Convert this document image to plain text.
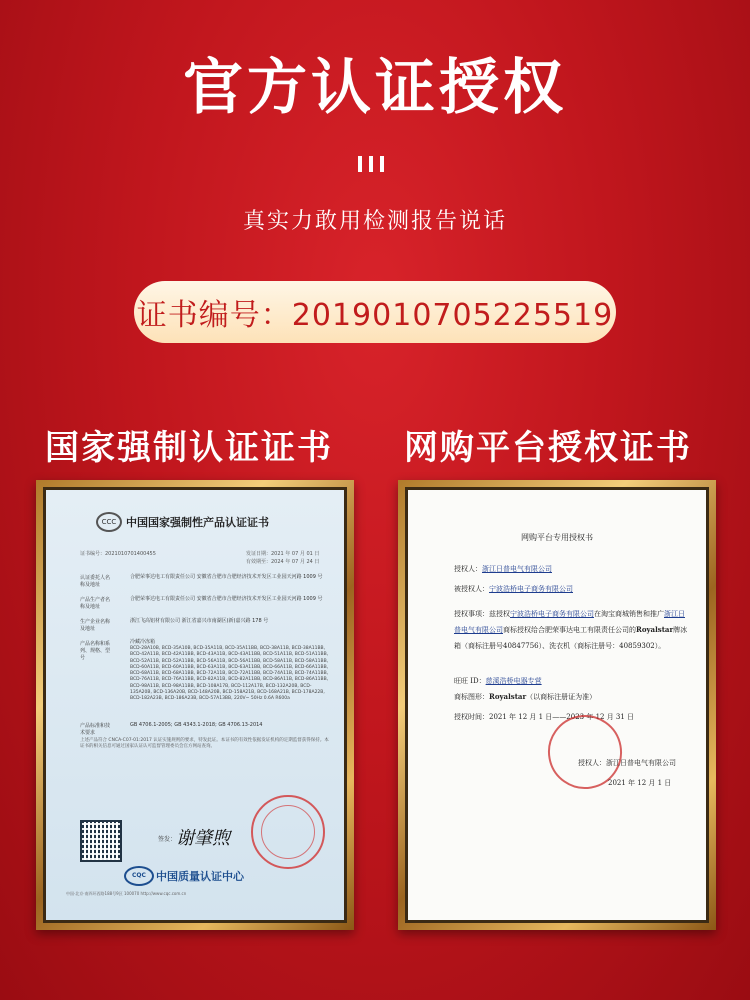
官方认证授权
真实力敢用检测报告说话
证书编号：2019010705225519
国家强制认证证书 网购平台授权证书
CCC 中国国家强制性产品认证证书
证书编号：2021010701400455	发证日期：2021 年 07 月 01 日
有效期至：2024 年 07 月 24 日
认证委托人名称及地址
合肥荣事达电工有限责任公司 安徽省合肥市合肥经济技术开发区工业园天河路 1009 号
产品生产者名称及地址
合肥荣事达电工有限责任公司 安徽省合肥市合肥经济技术开发区工业园天河路 1009 号
生产企业名称及地址
浙江飞高铝材有限公司 浙江省嘉兴市南湖区(新)嘉兴路 178 号
产品名称和系列、规格、型号
冷藏冷冻箱
BCD-28A10B, BCD-35A10B, BCD-35A11B, BCD-35A11BB, BCD-38A11B, BCD-38A11BB, BCD-42A11B, BCD-42A11BB, BCD-43A11B, BCD-43A11BB, BCD-51A11B, BCD-51A11BB, BCD-52A11B, BCD-52A11BB, BCD-56A11B, BCD-56A11BB, BCD-58A11B, BCD-58A11BB, BCD-60A11B, BCD-60A11BB, BCD-63A11B, BCD-63A11BB, BCD-66A11B, BCD-66A11BB, BCD-68A11B, BCD-68A11BB, BCD-72A11B, BCD-72A11BB, BCD-74A11B, BCD-74A11BB, BCD-76A11B, BCD-76A11BB, BCD-82A11B, BCD-82A11BB, BCD-86A11B, BCD-86A11BB, BCD-98A11B, BCD-98A11BB, BCD-108A17B, BCD-112A17B, BCD-132A20B, BCD-135A20B, BCD-136A20B, BCD-148A20B, BCD-158A21B, BCD-168A21B, BCD-178A22B, BCD-182A23B, BCD-186A23B, BCD-57A13BB, 220V~ 50Hz 0.6A R600a
产品标准和技术要求
GB 4706.1-2005; GB 4343.1-2018; GB 4706.13-2014
上述产品符合 CNCA-C07-01:2017 认证实施规则的要求，特发此证。本证书的有效性依据发证机构的定期监督获得保持。本证书的相关信息可通过国家认证认可监督管理委员会官方网站查询。
签发： 谢肇煦
CQC 中国质量认证中心
中国·北京·南四环西路188号9区 100070 http://www.cqc.com.cn
网购平台专用授权书
授权人：浙江日普电气有限公司
被授权人：宁波浩桥电子商务有限公司
授权事项：兹授权宁波浩桥电子商务有限公司在淘宝商城销售和推广浙江日普电气有限公司商标授权给合肥荣事达电工有限责任公司的Royalstar牌冰箱（商标注册号40847756）、洗衣机（商标注册号：40859302）。
旺旺 ID：慈溪浩桥电器专营
商标图形：Royalstar（以商标注册证为准）
授权时间：2021 年 12 月 1 日——2023 年 12 月 31 日
授权人：浙江日普电气有限公司
2021 年 12 月 1 日
